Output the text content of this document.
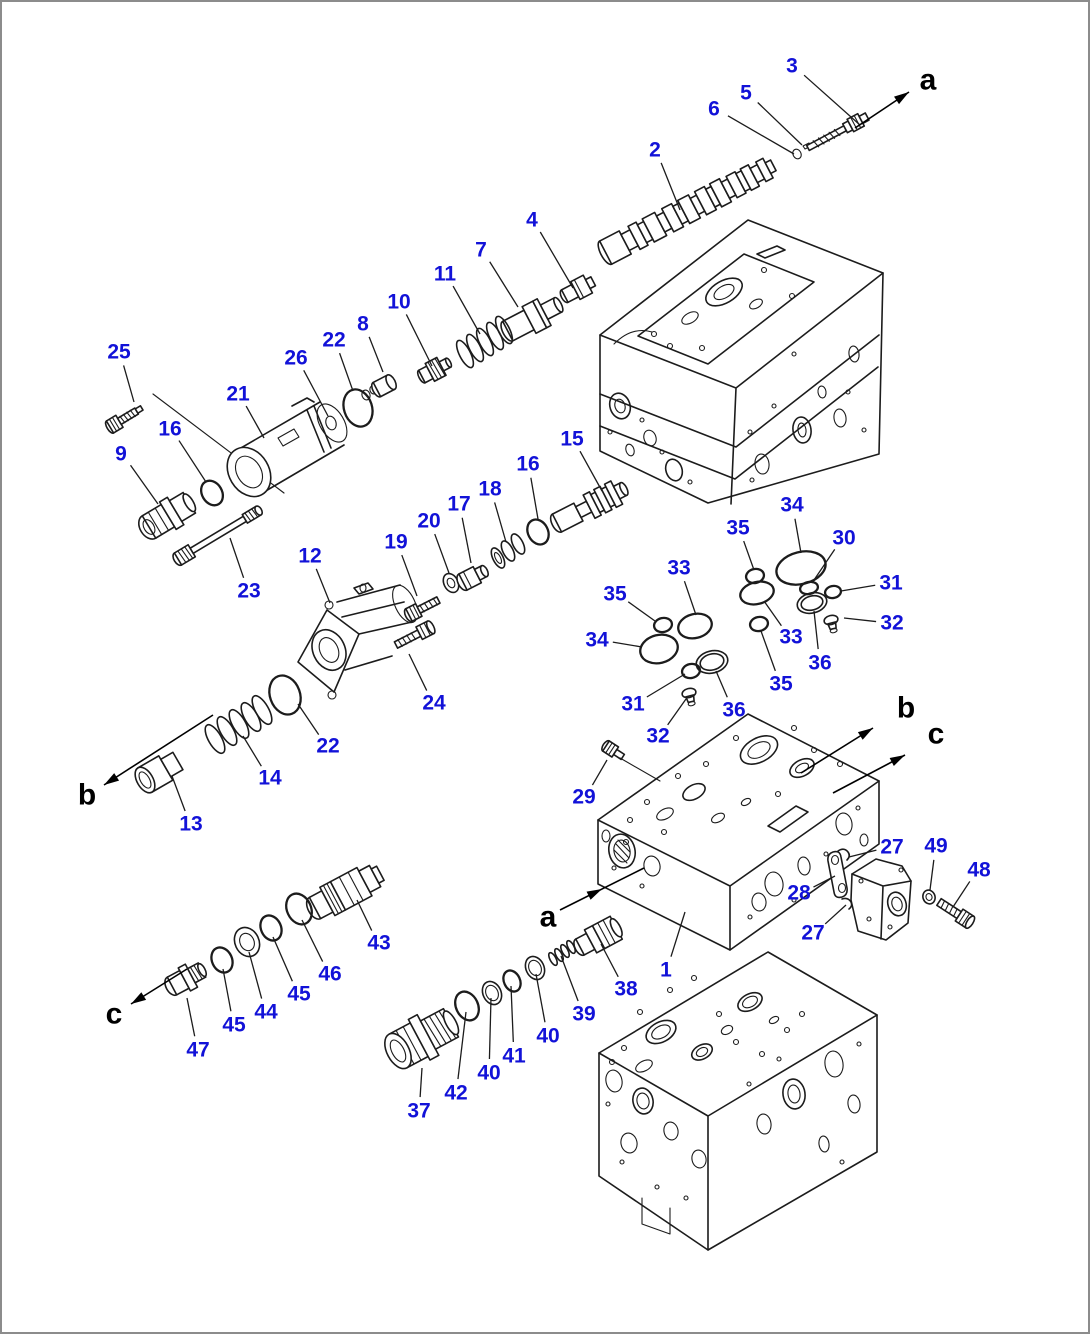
3
5
6
2
4
7
11
10
8
22
26
25
21
16
9
23
15
16
18
17
20
19
12
24
22
14
13
35
34
30
31
32
33
35
34	33
36
35
31	36
32
29
27 49
48
28
27
1
38
39
40
41
40
42
37
43
46
45
44
45
47
a
b
c
a
b
c
